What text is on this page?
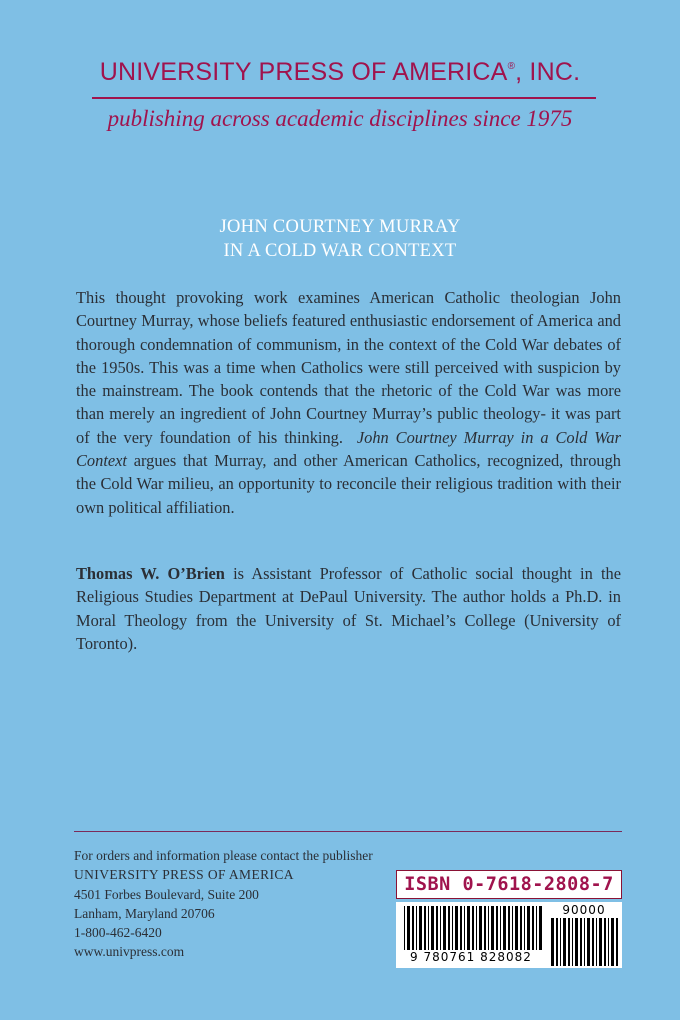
UNIVERSITY PRESS OF AMERICA®, INC.
publishing across academic disciplines since 1975
JOHN COURTNEY MURRAY
IN A COLD WAR CONTEXT

This thought provoking work examines American Catholic theologian John Courtney Murray, whose beliefs featured enthusiastic endorsement of America and thorough condemnation of communism, in the context of the Cold War debates of the 1950s. This was a time when Catholics were still perceived with suspicion by the mainstream. The book contends that the rhetoric of the Cold War was more than merely an ingredient of John Courtney Murray’s public theology- it was part of the very foundation of his thinking. John Courtney Murray in a Cold War Context argues that Murray, and other American Catholics, recognized, through the Cold War milieu, an opportunity to reconcile their religious tradition with their own political affiliation.

Thomas W. O’Brien is Assistant Professor of Catholic social thought in the Religious Studies Department at DePaul University. The author holds a Ph.D. in Moral Theology from the University of St. Michael’s College (University of Toronto).

For orders and information please contact the publisher
UNIVERSITY PRESS OF AMERICA
4501 Forbes Boulevard, Suite 200
Lanham, Maryland 20706
1-800-462-6420
www.univpress.com
ISBN 0-7618-2808-7
9 780761 828082
90000
